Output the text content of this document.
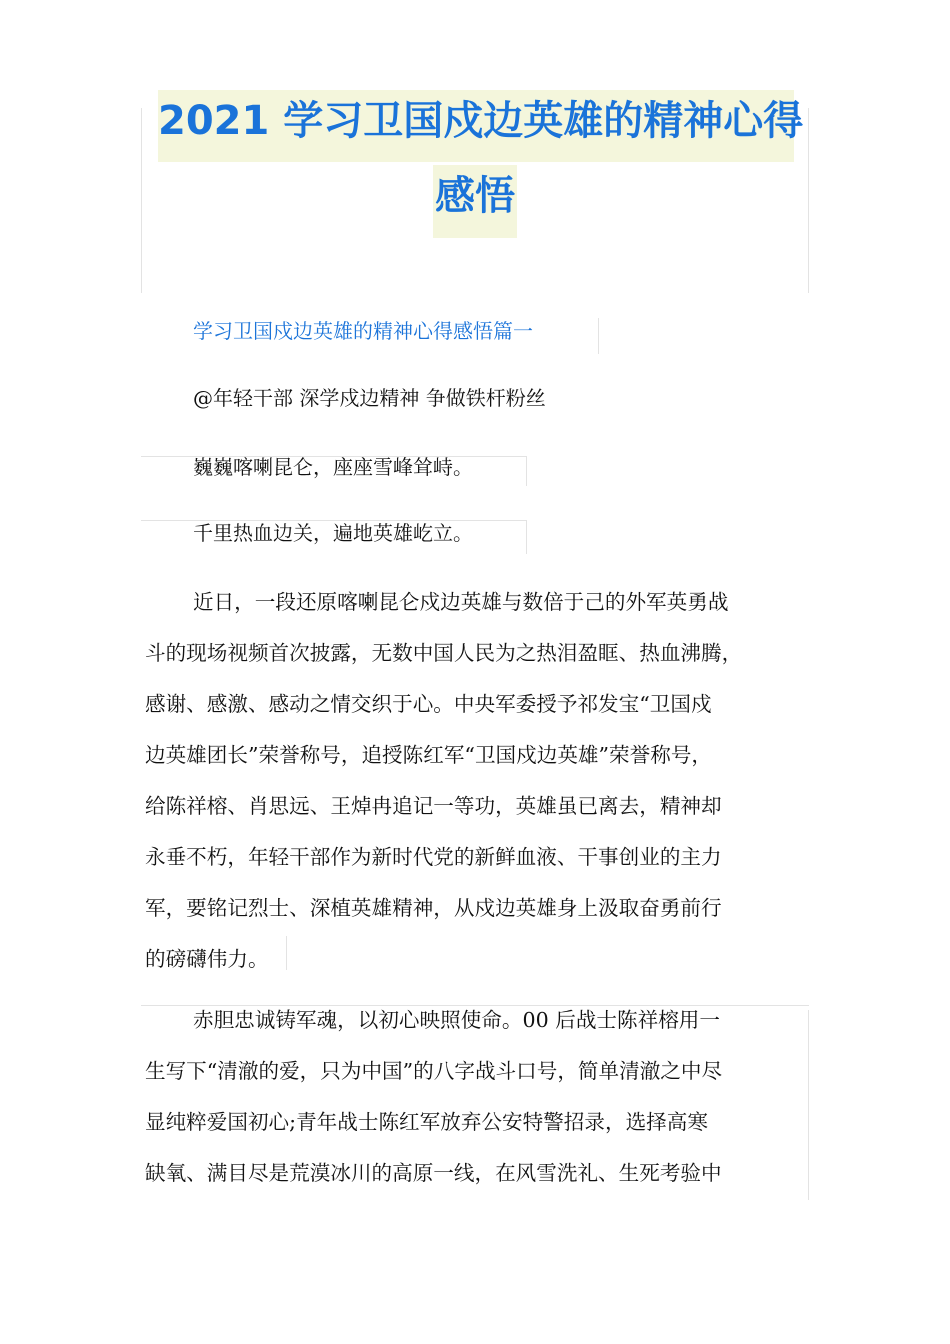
2021 学习卫国戍边英雄的精神心得
感悟
学习卫国戍边英雄的精神心得感悟篇一
@年轻干部 深学戍边精神 争做铁杆粉丝
巍巍喀喇昆仑，座座雪峰耸峙。
千里热血边关，遍地英雄屹立。
近日，一段还原喀喇昆仑戍边英雄与数倍于己的外军英勇战
斗的现场视频首次披露，无数中国人民为之热泪盈眶、热血沸腾，
感谢、感激、感动之情交织于心。中央军委授予祁发宝“卫国戍
边英雄团长”荣誉称号，追授陈红军“卫国戍边英雄”荣誉称号，
给陈祥榕、肖思远、王焯冉追记一等功，英雄虽已离去，精神却
永垂不朽，年轻干部作为新时代党的新鲜血液、干事创业的主力
军，要铭记烈士、深植英雄精神，从戍边英雄身上汲取奋勇前行
的磅礴伟力。
赤胆忠诚铸军魂，以初心映照使命。00 后战士陈祥榕用一
生写下“清澈的爱，只为中国”的八字战斗口号，简单清澈之中尽
显纯粹爱国初心;青年战士陈红军放弃公安特警招录，选择高寒
缺氧、满目尽是荒漠冰川的高原一线，在风雪洗礼、生死考验中
